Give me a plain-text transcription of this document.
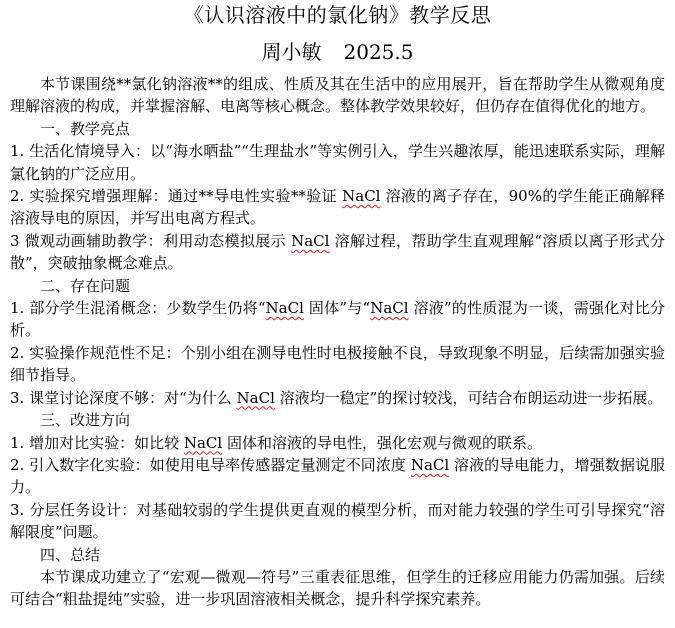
《认识溶液中的氯化钠》教学反思
周小敏 2025.5

本节课围绕**氯化钠溶液**的组成、性质及其在生活中的应用展开，旨在帮助学生从微观角度理解溶液的构成，并掌握溶解、电离等核心概念。整体教学效果较好，但仍存在值得优化的地方。

一、教学亮点

1. 生活化情境导入：以“海水晒盐”“生理盐水”等实例引入，学生兴趣浓厚，能迅速联系实际，理解氯化钠的广泛应用。

2. 实验探究增强理解：通过**导电性实验**验证 NaCl 溶液的离子存在，90%的学生能正确解释溶液导电的原因，并写出电离方程式。

3 微观动画辅助教学：利用动态模拟展示 NaCl 溶解过程，帮助学生直观理解“溶质以离子形式分散”，突破抽象概念难点。

二、存在问题

1. 部分学生混淆概念：少数学生仍将“NaCl 固体”与“NaCl 溶液”的性质混为一谈，需强化对比分析。

2. 实验操作规范性不足：个别小组在测导电性时电极接触不良，导致现象不明显，后续需加强实验细节指导。

3. 课堂讨论深度不够：对“为什么 NaCl 溶液均一稳定”的探讨较浅，可结合布朗运动进一步拓展。

三、改进方向

1. 增加对比实验：如比较 NaCl 固体和溶液的导电性，强化宏观与微观的联系。

2. 引入数字化实验：如使用电导率传感器定量测定不同浓度 NaCl 溶液的导电能力，增强数据说服力。

3. 分层任务设计：对基础较弱的学生提供更直观的模型分析，而对能力较强的学生可引导探究“溶解限度”问题。

四、总结

本节课成功建立了“宏观—微观—符号”三重表征思维，但学生的迁移应用能力仍需加强。后续可结合“粗盐提纯”实验，进一步巩固溶液相关概念，提升科学探究素养。
